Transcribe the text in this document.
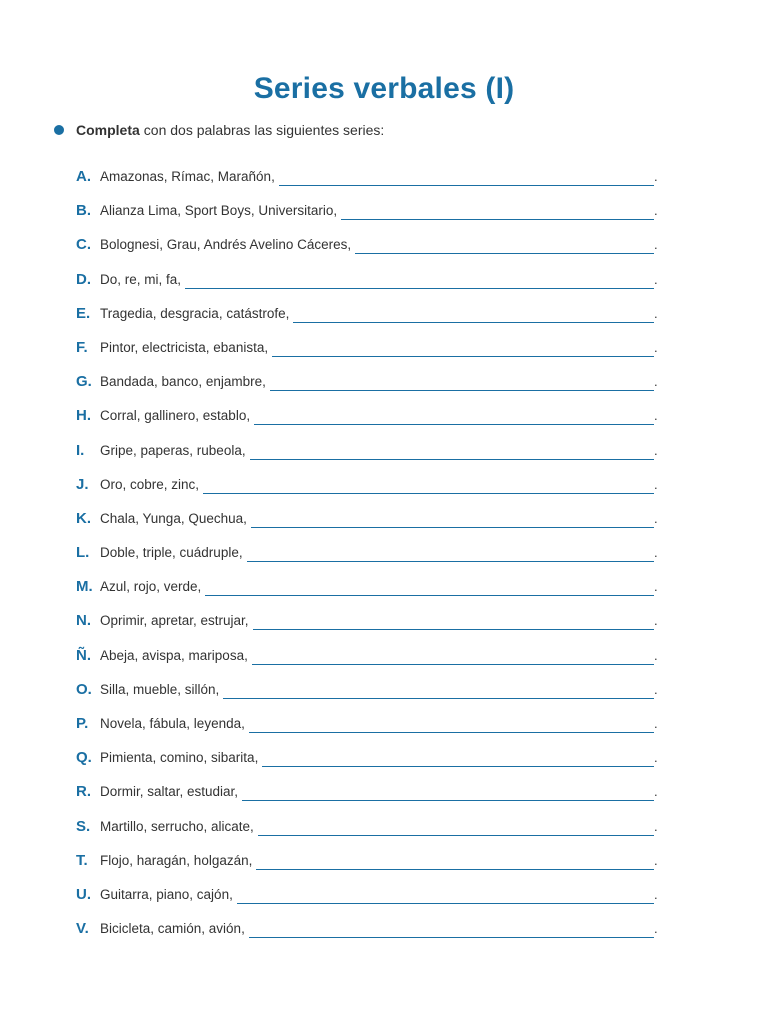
Series verbales (I)
Completa con dos palabras las siguientes series:
A. Amazonas, Rímac, Marañón,	.
B. Alianza Lima, Sport Boys, Universitario,	.
C. Bolognesi, Grau, Andrés Avelino Cáceres,	.
D. Do, re, mi, fa,	.
E. Tragedia, desgracia, catástrofe,	.
F. Pintor, electricista, ebanista,	.
G. Bandada, banco, enjambre,	.
H. Corral, gallinero, establo,	.
I.	Gripe, paperas, rubeola,	.
J. Oro, cobre, zinc,	.
K. Chala, Yunga, Quechua,	.
L. Doble, triple, cuádruple,	.
M. Azul, rojo, verde,	.
N. Oprimir, apretar, estrujar,	.
Ñ. Abeja, avispa, mariposa,	.
O. Silla, mueble, sillón,	.
P. Novela, fábula, leyenda,	.
Q. Pimienta, comino, sibarita,	.
R. Dormir, saltar, estudiar,	.
S. Martillo, serrucho, alicate,	.
T. Flojo, haragán, holgazán,	.
U. Guitarra, piano, cajón,	.
V. Bicicleta, camión, avión,	.
